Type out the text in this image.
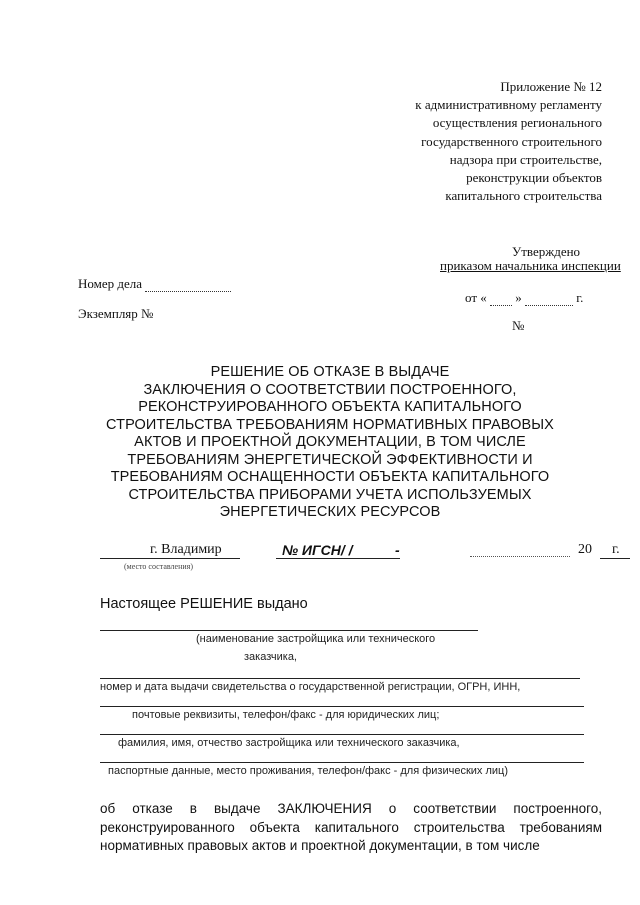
Приложение № 12
к административному регламенту
осуществления регионального
государственного строительного
надзора при строительстве,
реконструкции объектов
капитального строительства
Утверждено
приказом начальника инспекции
от « »	г.
№
Номер дела
Экземпляр №
РЕШЕНИЕ ОБ ОТКАЗЕ В ВЫДАЧЕ
ЗАКЛЮЧЕНИЯ О СООТВЕТСТВИИ ПОСТРОЕННОГО,
РЕКОНСТРУИРОВАННОГО ОБЪЕКТА КАПИТАЛЬНОГО
СТРОИТЕЛЬСТВА ТРЕБОВАНИЯМ НОРМАТИВНЫХ ПРАВОВЫХ
АКТОВ И ПРОЕКТНОЙ ДОКУМЕНТАЦИИ, В ТОМ ЧИСЛЕ
ТРЕБОВАНИЯМ ЭНЕРГЕТИЧЕСКОЙ ЭФФЕКТИВНОСТИ И
ТРЕБОВАНИЯМ ОСНАЩЕННОСТИ ОБЪЕКТА КАПИТАЛЬНОГО
СТРОИТЕЛЬСТВА ПРИБОРАМИ УЧЕТА ИСПОЛЬЗУЕМЫХ
ЭНЕРГЕТИЧЕСКИХ РЕСУРСОВ
г. Владимир
(место составления)
№ ИГСН/ /	-	20 г.
Настоящее РЕШЕНИЕ выдано
(наименование застройщика или технического
заказчика,
номер и дата выдачи свидетельства о государственной регистрации, ОГРН, ИНН,
почтовые реквизиты, телефон/факс - для юридических лиц;
фамилия, имя, отчество застройщика или технического заказчика,
паспортные данные, место проживания, телефон/факс - для физических лиц)
об отказе в выдаче ЗАКЛЮЧЕНИЯ о соответствии построенного, реконструированного объекта капитального строительства требованиям нормативных правовых актов и проектной документации, в том числе
